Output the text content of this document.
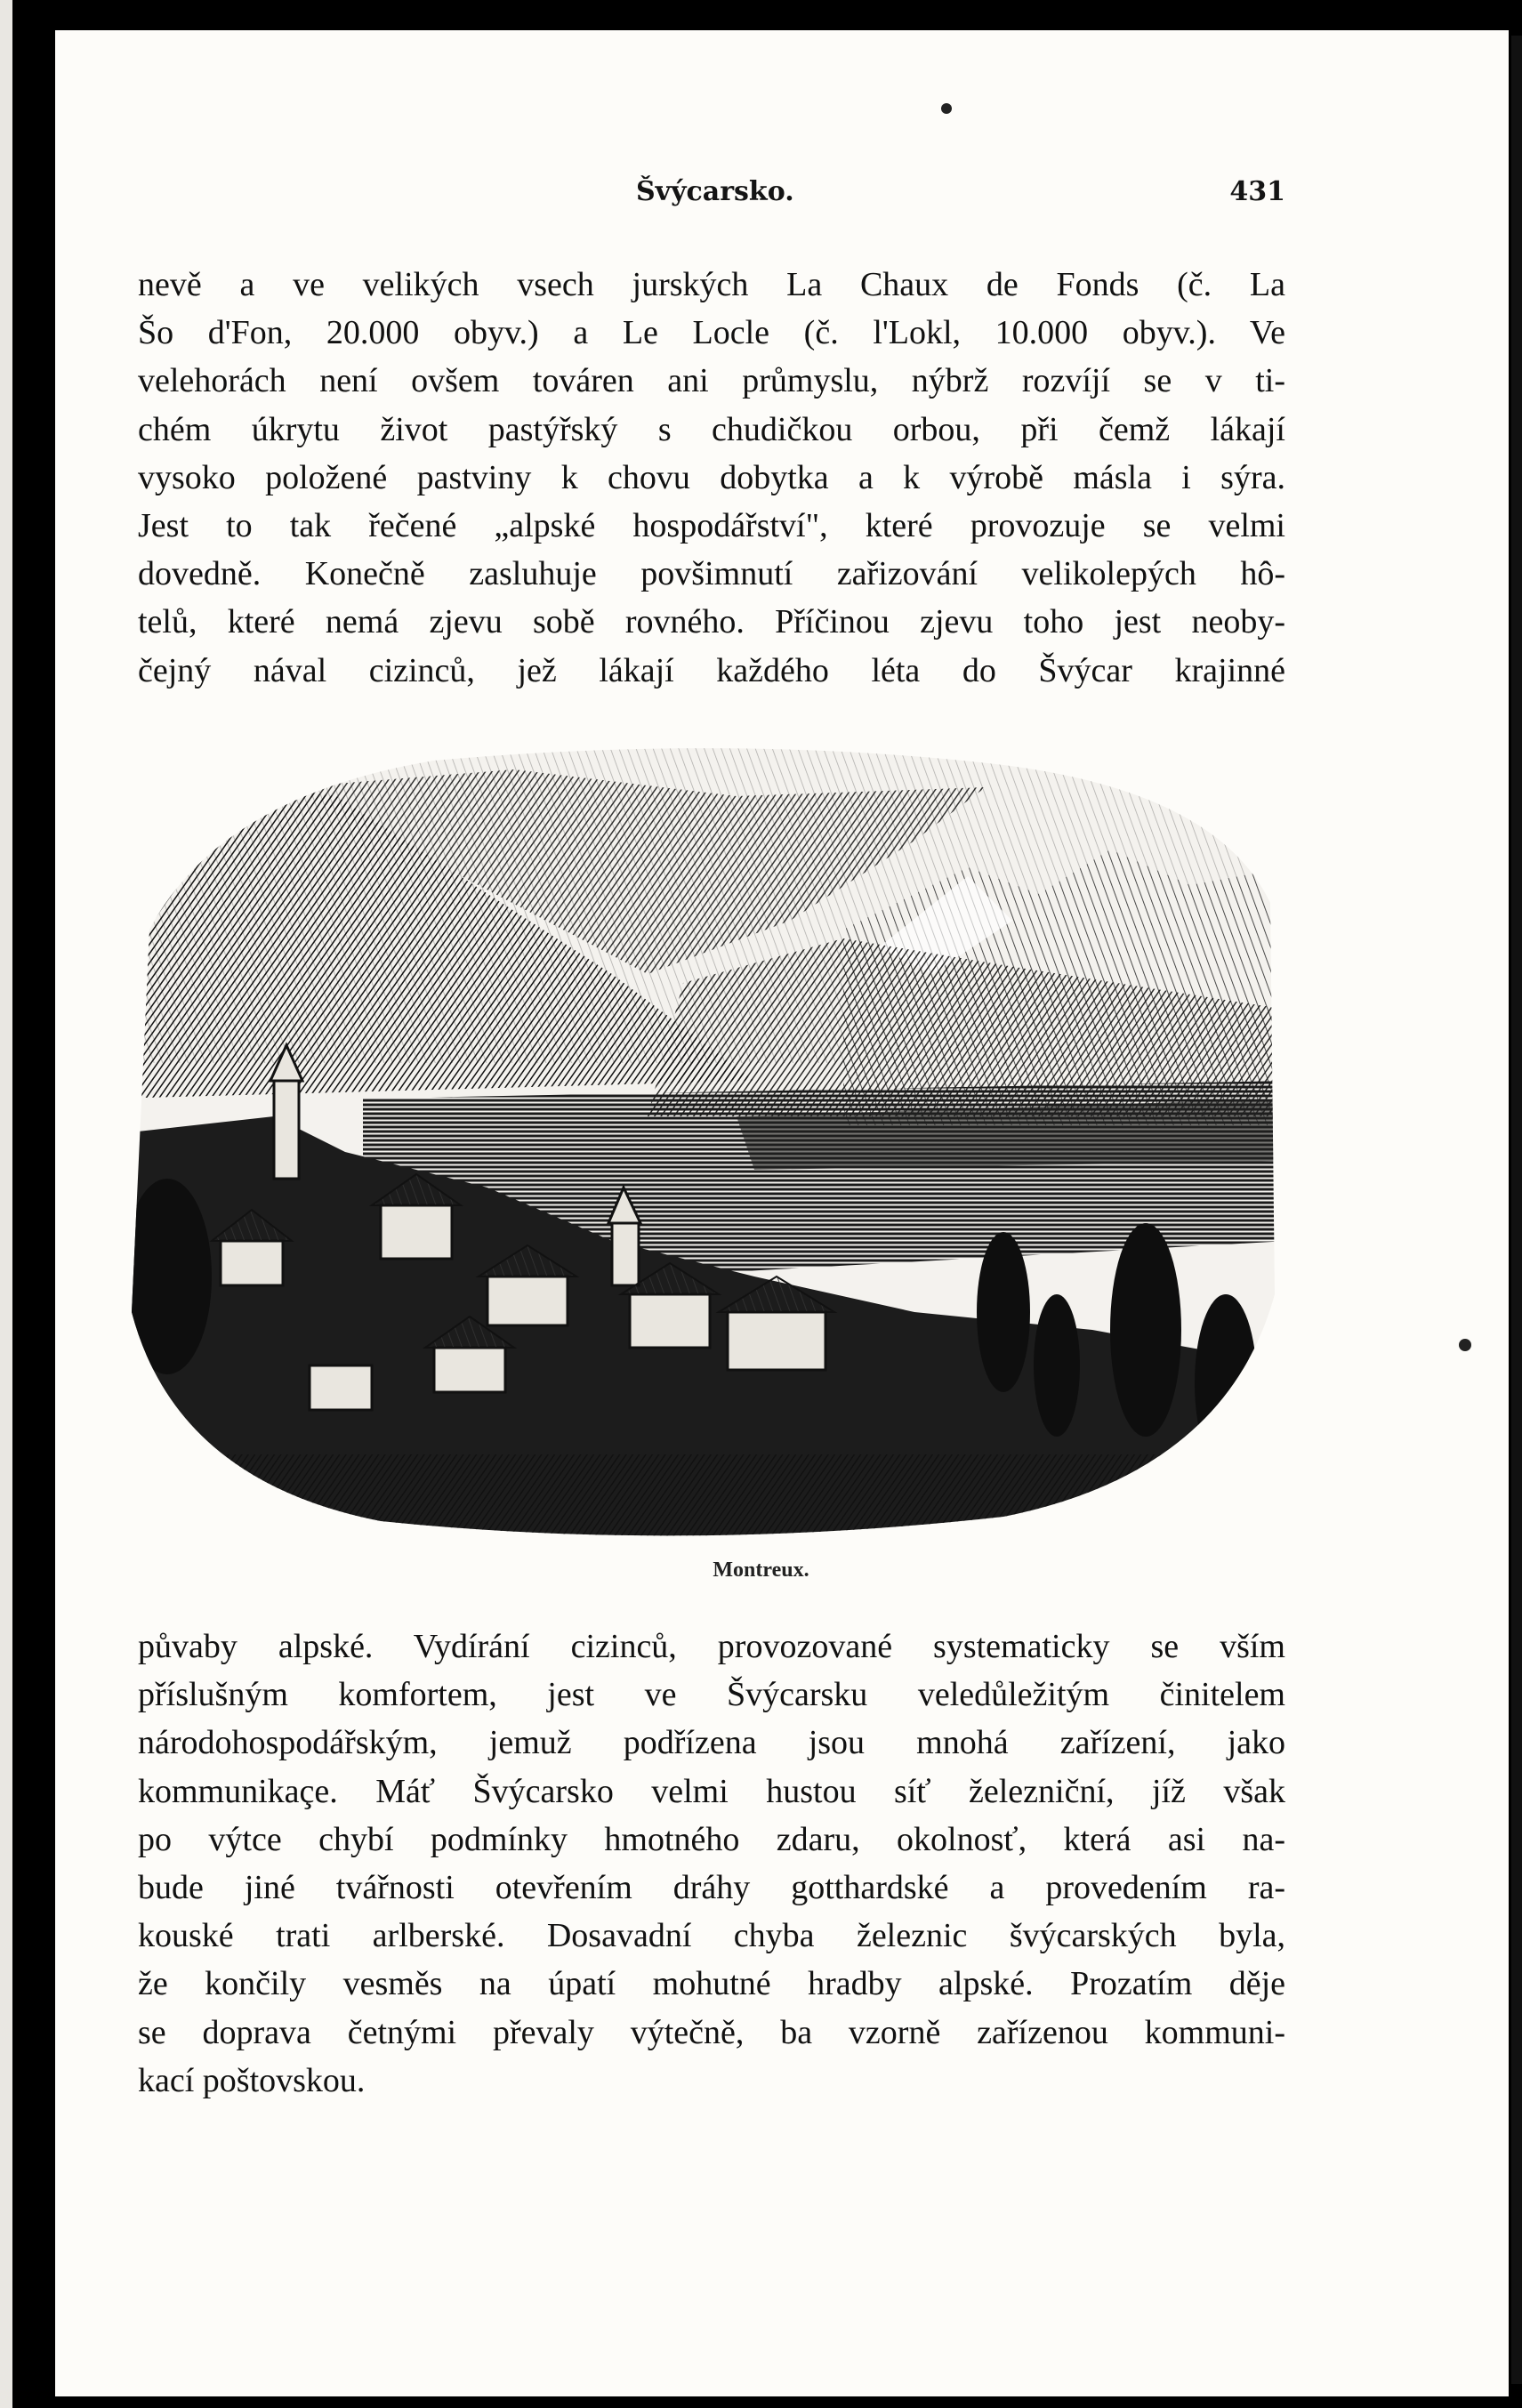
Švýcarsko.	431
nevě a ve velikých vsech jurských La Chaux de Fonds (č. La
Šo d'Fon, 20.000 obyv.) a Le Locle (č. l'Lokl, 10.000 obyv.). Ve
velehorách není ovšem továren ani průmyslu, nýbrž rozvíjí se v ti-
chém úkrytu život pastýřský s chudičkou orbou, při čemž lákají
vysoko položené pastviny k chovu dobytka a k výrobě másla i sýra.
Jest to tak řečené „alpské hospodářství", které provozuje se velmi
dovedně. Konečně zasluhuje povšimnutí zařizování velikolepých hô-
telů, které nemá zjevu sobě rovného. Příčinou zjevu toho jest neoby-
čejný nával cizinců, jež lákají každého léta do Švýcar krajinné
Montreux.
půvaby alpské. Vydírání cizinců, provozované systematicky se vším
příslušným komfortem, jest ve Švýcarsku veledůležitým činitelem
národohospodářským, jemuž podřízena jsou mnohá zařízení, jako
kommunikaçe. Máť Švýcarsko velmi hustou síť železniční, jíž však
po výtce chybí podmínky hmotného zdaru, okolnosť, která asi na-
bude jiné tvářnosti otevřením dráhy gotthardské a provedením ra-
kouské trati arlberské. Dosavadní chyba železnic švýcarských byla,
že končily vesměs na úpatí mohutné hradby alpské. Prozatím děje
se doprava četnými převaly výtečně, ba vzorně zařízenou kommuni-
kací poštovskou.
